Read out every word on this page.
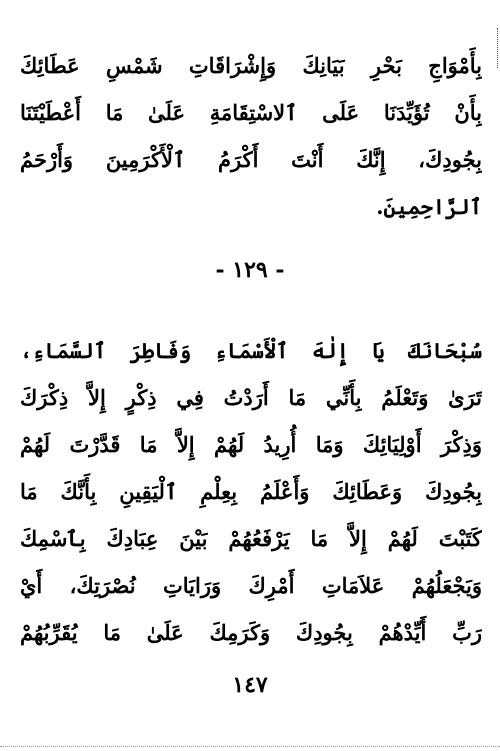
بِأَمْوَاجِ بَحْرِ بَيَانِكَ وَإِشْرَاقَاتِ شَمْسِ عَطَائِكَ
بِأَنْ تُؤَيِّدَنَا عَلَى ٱلاسْتِقَامَةِ عَلَىٰ مَا أَعْطَيْتَنَا
بِجُودِكَ، إِنَّكَ أَنْتَ أَكْرَمُ ٱلْأَكْرَمِينَ وَأَرْحَمُ
ٱلرَّاحِمِينَ.
- ١٢٩ -
سُبْحَانَكَ يَا إِلٰهَ ٱلْأَسْمَاءِ وَفَاطِرَ ٱلسَّمَاءِ،
تَرَىٰ وَتَعْلَمُ بِأَنِّي مَا أَرَدْتُ فِي ذِكْرٍ إِلاَّ ذِكْرَكَ
وَذِكْرَ أَوْلِيَائِكَ وَمَا أُرِيدُ لَهُمْ إِلاَّ مَا قَدَّرْتَ لَهُمْ
بِجُودِكَ وَعَطَائِكَ وَأَعْلَمُ بِعِلْمِ ٱلْيَقِينِ بِأَنَّكَ مَا
كَتَبْتَ لَهُمْ إِلاَّ مَا يَرْفَعُهُمْ بَيْنَ عِبَادِكَ بِٱسْمِكَ
وَيَجْعَلُهُمْ عَلاَمَاتِ أَمْرِكَ وَرَايَاتِ نُصْرَتِكَ، أَيْ
رَبِّ أَيِّدْهُمْ بِجُودِكَ وَكَرَمِكَ عَلَىٰ مَا يُقَرِّبُهُمْ
١٤٧
